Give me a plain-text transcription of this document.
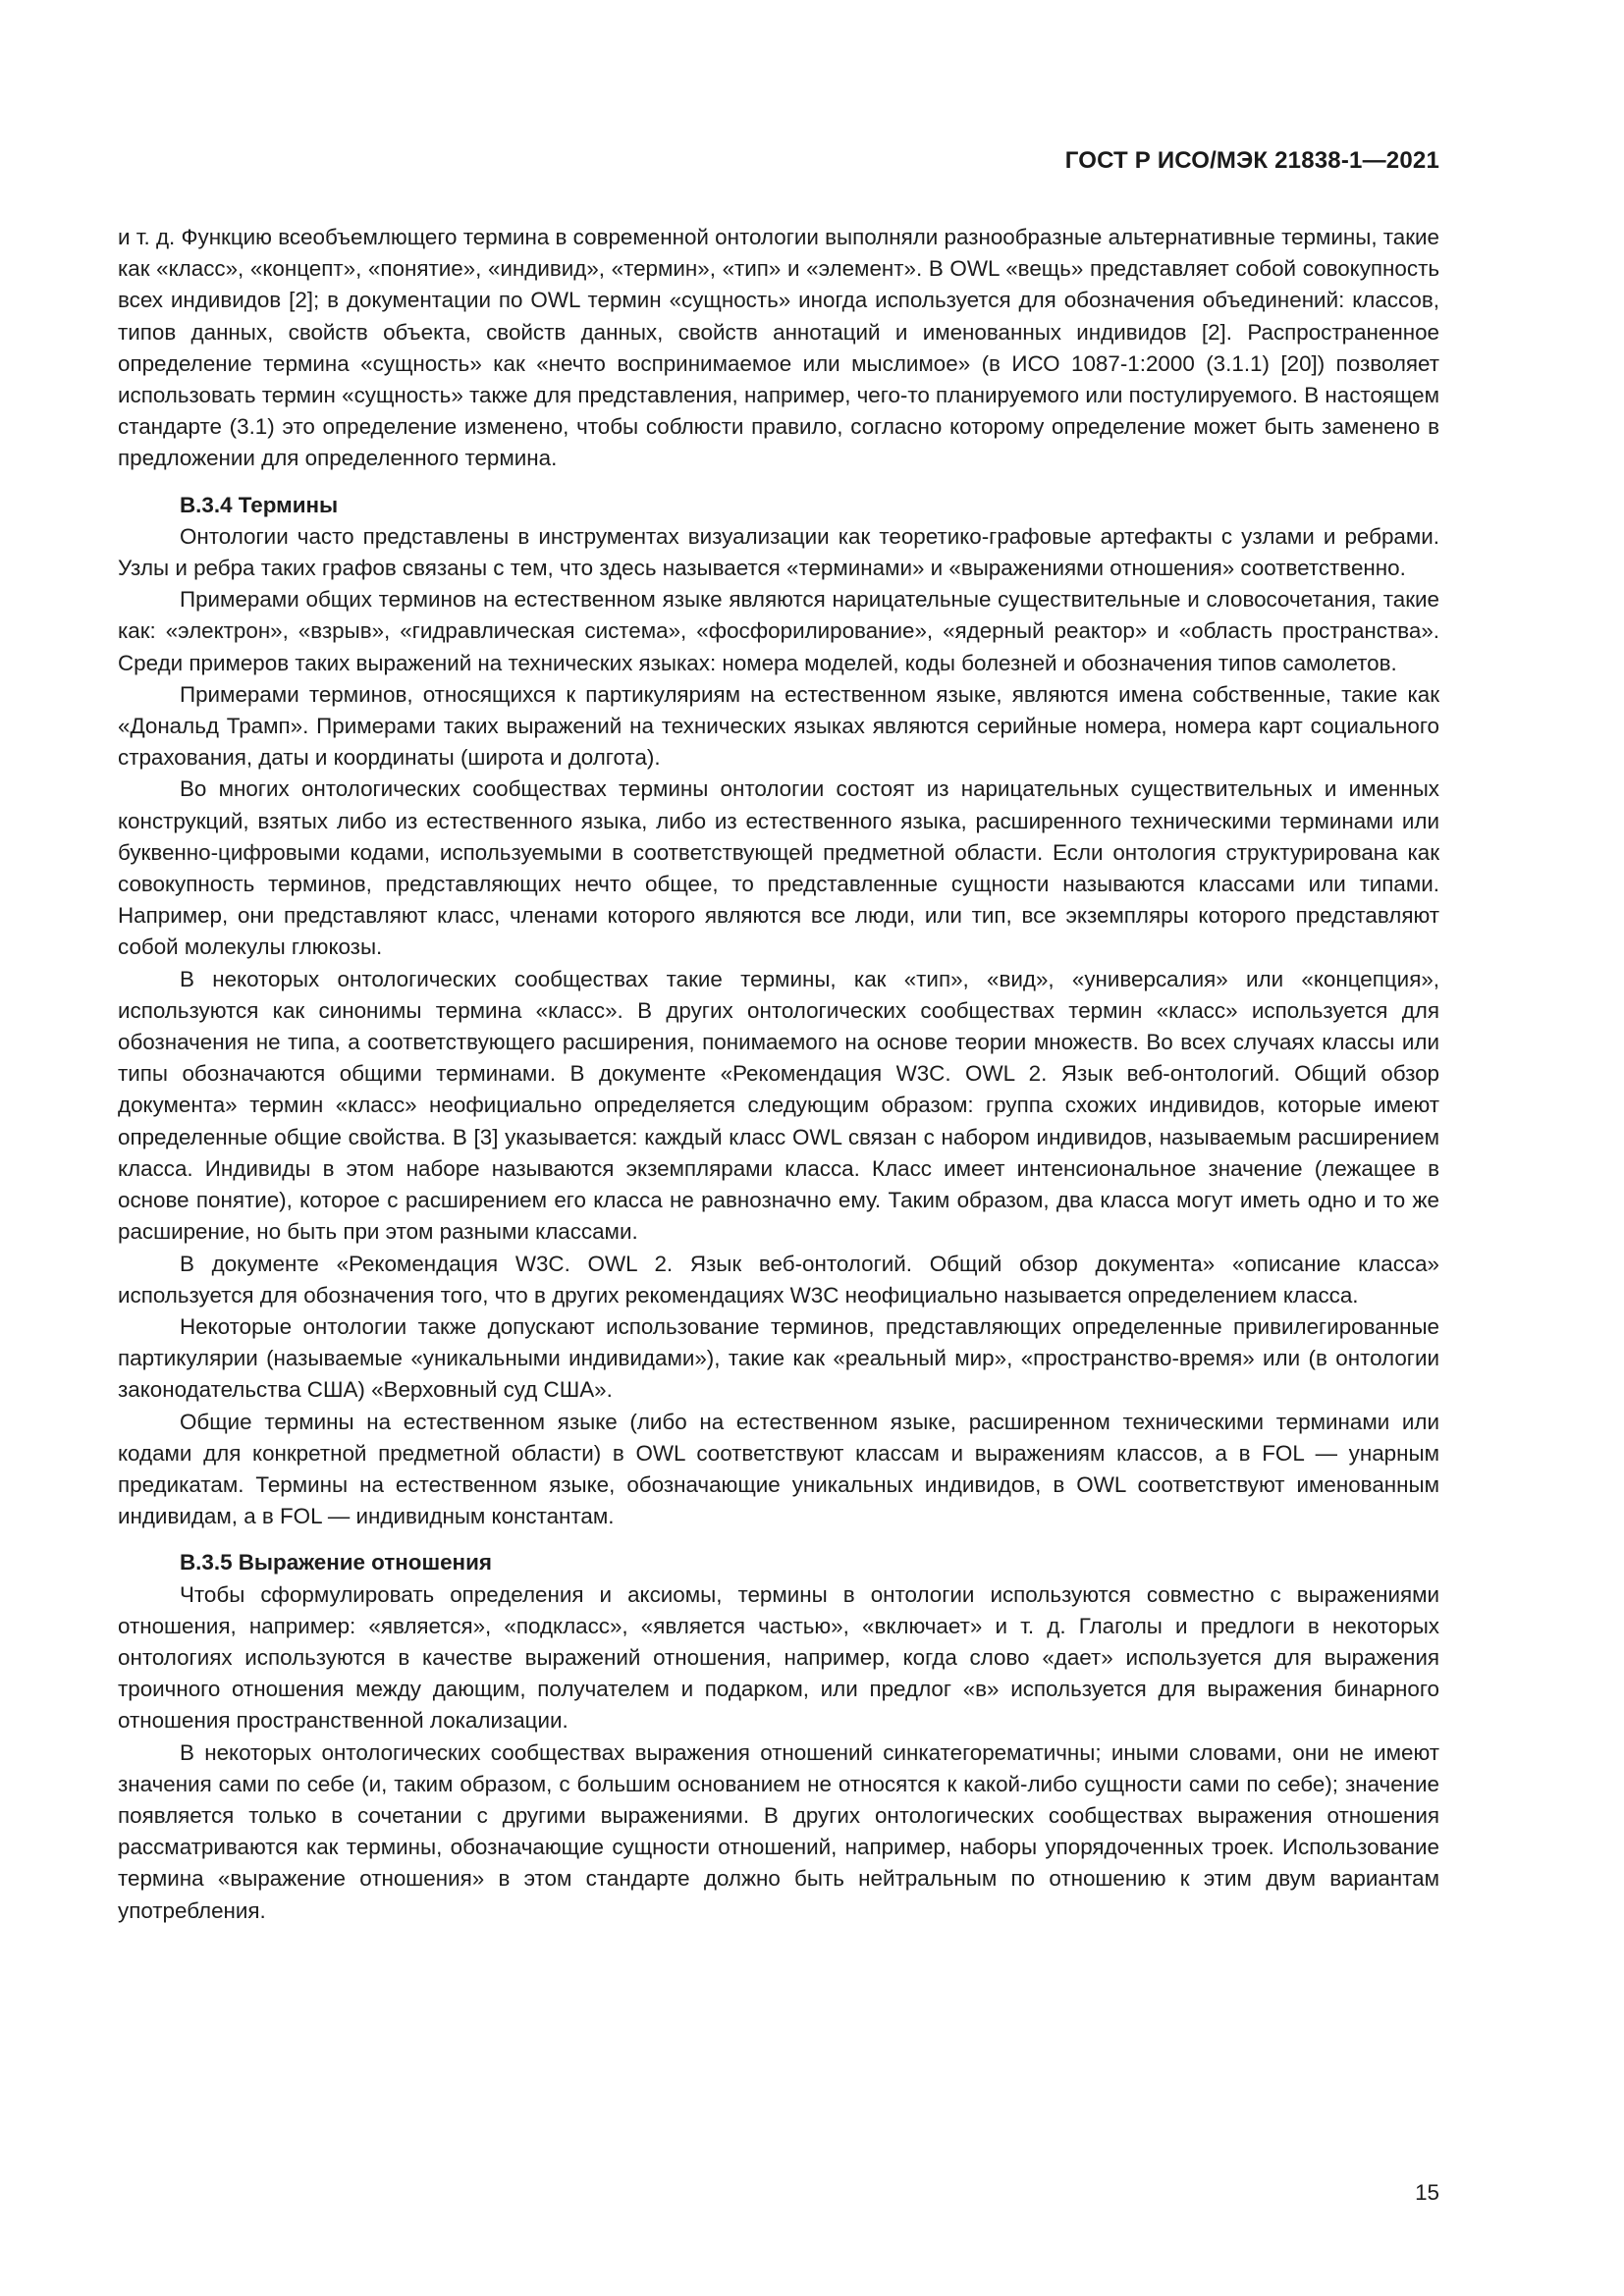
ГОСТ Р ИСО/МЭК 21838-1—2021

и т. д. Функцию всеобъемлющего термина в современной онтологии выполняли разнообразные альтернативные термины, такие как «класс», «концепт», «понятие», «индивид», «термин», «тип» и «элемент». В OWL «вещь» представляет собой совокупность всех индивидов [2]; в документации по OWL термин «сущность» иногда используется для обозначения объединений: классов, типов данных, свойств объекта, свойств данных, свойств аннотаций и именованных индивидов [2]. Распространенное определение термина «сущность» как «нечто воспринимаемое или мыслимое» (в ИСО 1087-1:2000 (3.1.1) [20]) позволяет использовать термин «сущность» также для представления, например, чего-то планируемого или постулируемого. В настоящем стандарте (3.1) это определение изменено, чтобы соблюсти правило, согласно которому определение может быть заменено в предложении для определенного термина.

B.3.4 Термины

Онтологии часто представлены в инструментах визуализации как теоретико-графовые артефакты с узлами и ребрами. Узлы и ребра таких графов связаны с тем, что здесь называется «терминами» и «выражениями отношения» соответственно.

Примерами общих терминов на естественном языке являются нарицательные существительные и словосочетания, такие как: «электрон», «взрыв», «гидравлическая система», «фосфорилирование», «ядерный реактор» и «область пространства». Среди примеров таких выражений на технических языках: номера моделей, коды болезней и обозначения типов самолетов.

Примерами терминов, относящихся к партикуляриям на естественном языке, являются имена собственные, такие как «Дональд Трамп». Примерами таких выражений на технических языках являются серийные номера, номера карт социального страхования, даты и координаты (широта и долгота).

Во многих онтологических сообществах термины онтологии состоят из нарицательных существительных и именных конструкций, взятых либо из естественного языка, либо из естественного языка, расширенного техническими терминами или буквенно-цифровыми кодами, используемыми в соответствующей предметной области. Если онтология структурирована как совокупность терминов, представляющих нечто общее, то представленные сущности называются классами или типами. Например, они представляют класс, членами которого являются все люди, или тип, все экземпляры которого представляют собой молекулы глюкозы.

В некоторых онтологических сообществах такие термины, как «тип», «вид», «универсалия» или «концепция», используются как синонимы термина «класс». В других онтологических сообществах термин «класс» используется для обозначения не типа, а соответствующего расширения, понимаемого на основе теории множеств. Во всех случаях классы или типы обозначаются общими терминами. В документе «Рекомендация W3C. OWL 2. Язык веб-онтологий. Общий обзор документа» термин «класс» неофициально определяется следующим образом: группа схожих индивидов, которые имеют определенные общие свойства. В [3] указывается: каждый класс OWL связан с набором индивидов, называемым расширением класса. Индивиды в этом наборе называются экземплярами класса. Класс имеет интенсиональное значение (лежащее в основе понятие), которое с расширением его класса не равнозначно ему. Таким образом, два класса могут иметь одно и то же расширение, но быть при этом разными классами.

В документе «Рекомендация W3C. OWL 2. Язык веб-онтологий. Общий обзор документа» «описание класса» используется для обозначения того, что в других рекомендациях W3C неофициально называется определением класса.

Некоторые онтологии также допускают использование терминов, представляющих определенные привилегированные партикулярии (называемые «уникальными индивидами»), такие как «реальный мир», «пространство-время» или (в онтологии законодательства США) «Верховный суд США».

Общие термины на естественном языке (либо на естественном языке, расширенном техническими терминами или кодами для конкретной предметной области) в OWL соответствуют классам и выражениям классов, а в FOL — унарным предикатам. Термины на естественном языке, обозначающие уникальных индивидов, в OWL соответствуют именованным индивидам, а в FOL — индивидным константам.

B.3.5 Выражение отношения

Чтобы сформулировать определения и аксиомы, термины в онтологии используются совместно с выражениями отношения, например: «является», «подкласс», «является частью», «включает» и т. д. Глаголы и предлоги в некоторых онтологиях используются в качестве выражений отношения, например, когда слово «дает» используется для выражения троичного отношения между дающим, получателем и подарком, или предлог «в» используется для выражения бинарного отношения пространственной локализации.

В некоторых онтологических сообществах выражения отношений синкатегорематичны; иными словами, они не имеют значения сами по себе (и, таким образом, с большим основанием не относятся к какой-либо сущности сами по себе); значение появляется только в сочетании с другими выражениями. В других онтологических сообществах выражения отношения рассматриваются как термины, обозначающие сущности отношений, например, наборы упорядоченных троек. Использование термина «выражение отношения» в этом стандарте должно быть нейтральным по отношению к этим двум вариантам употребления.

15
